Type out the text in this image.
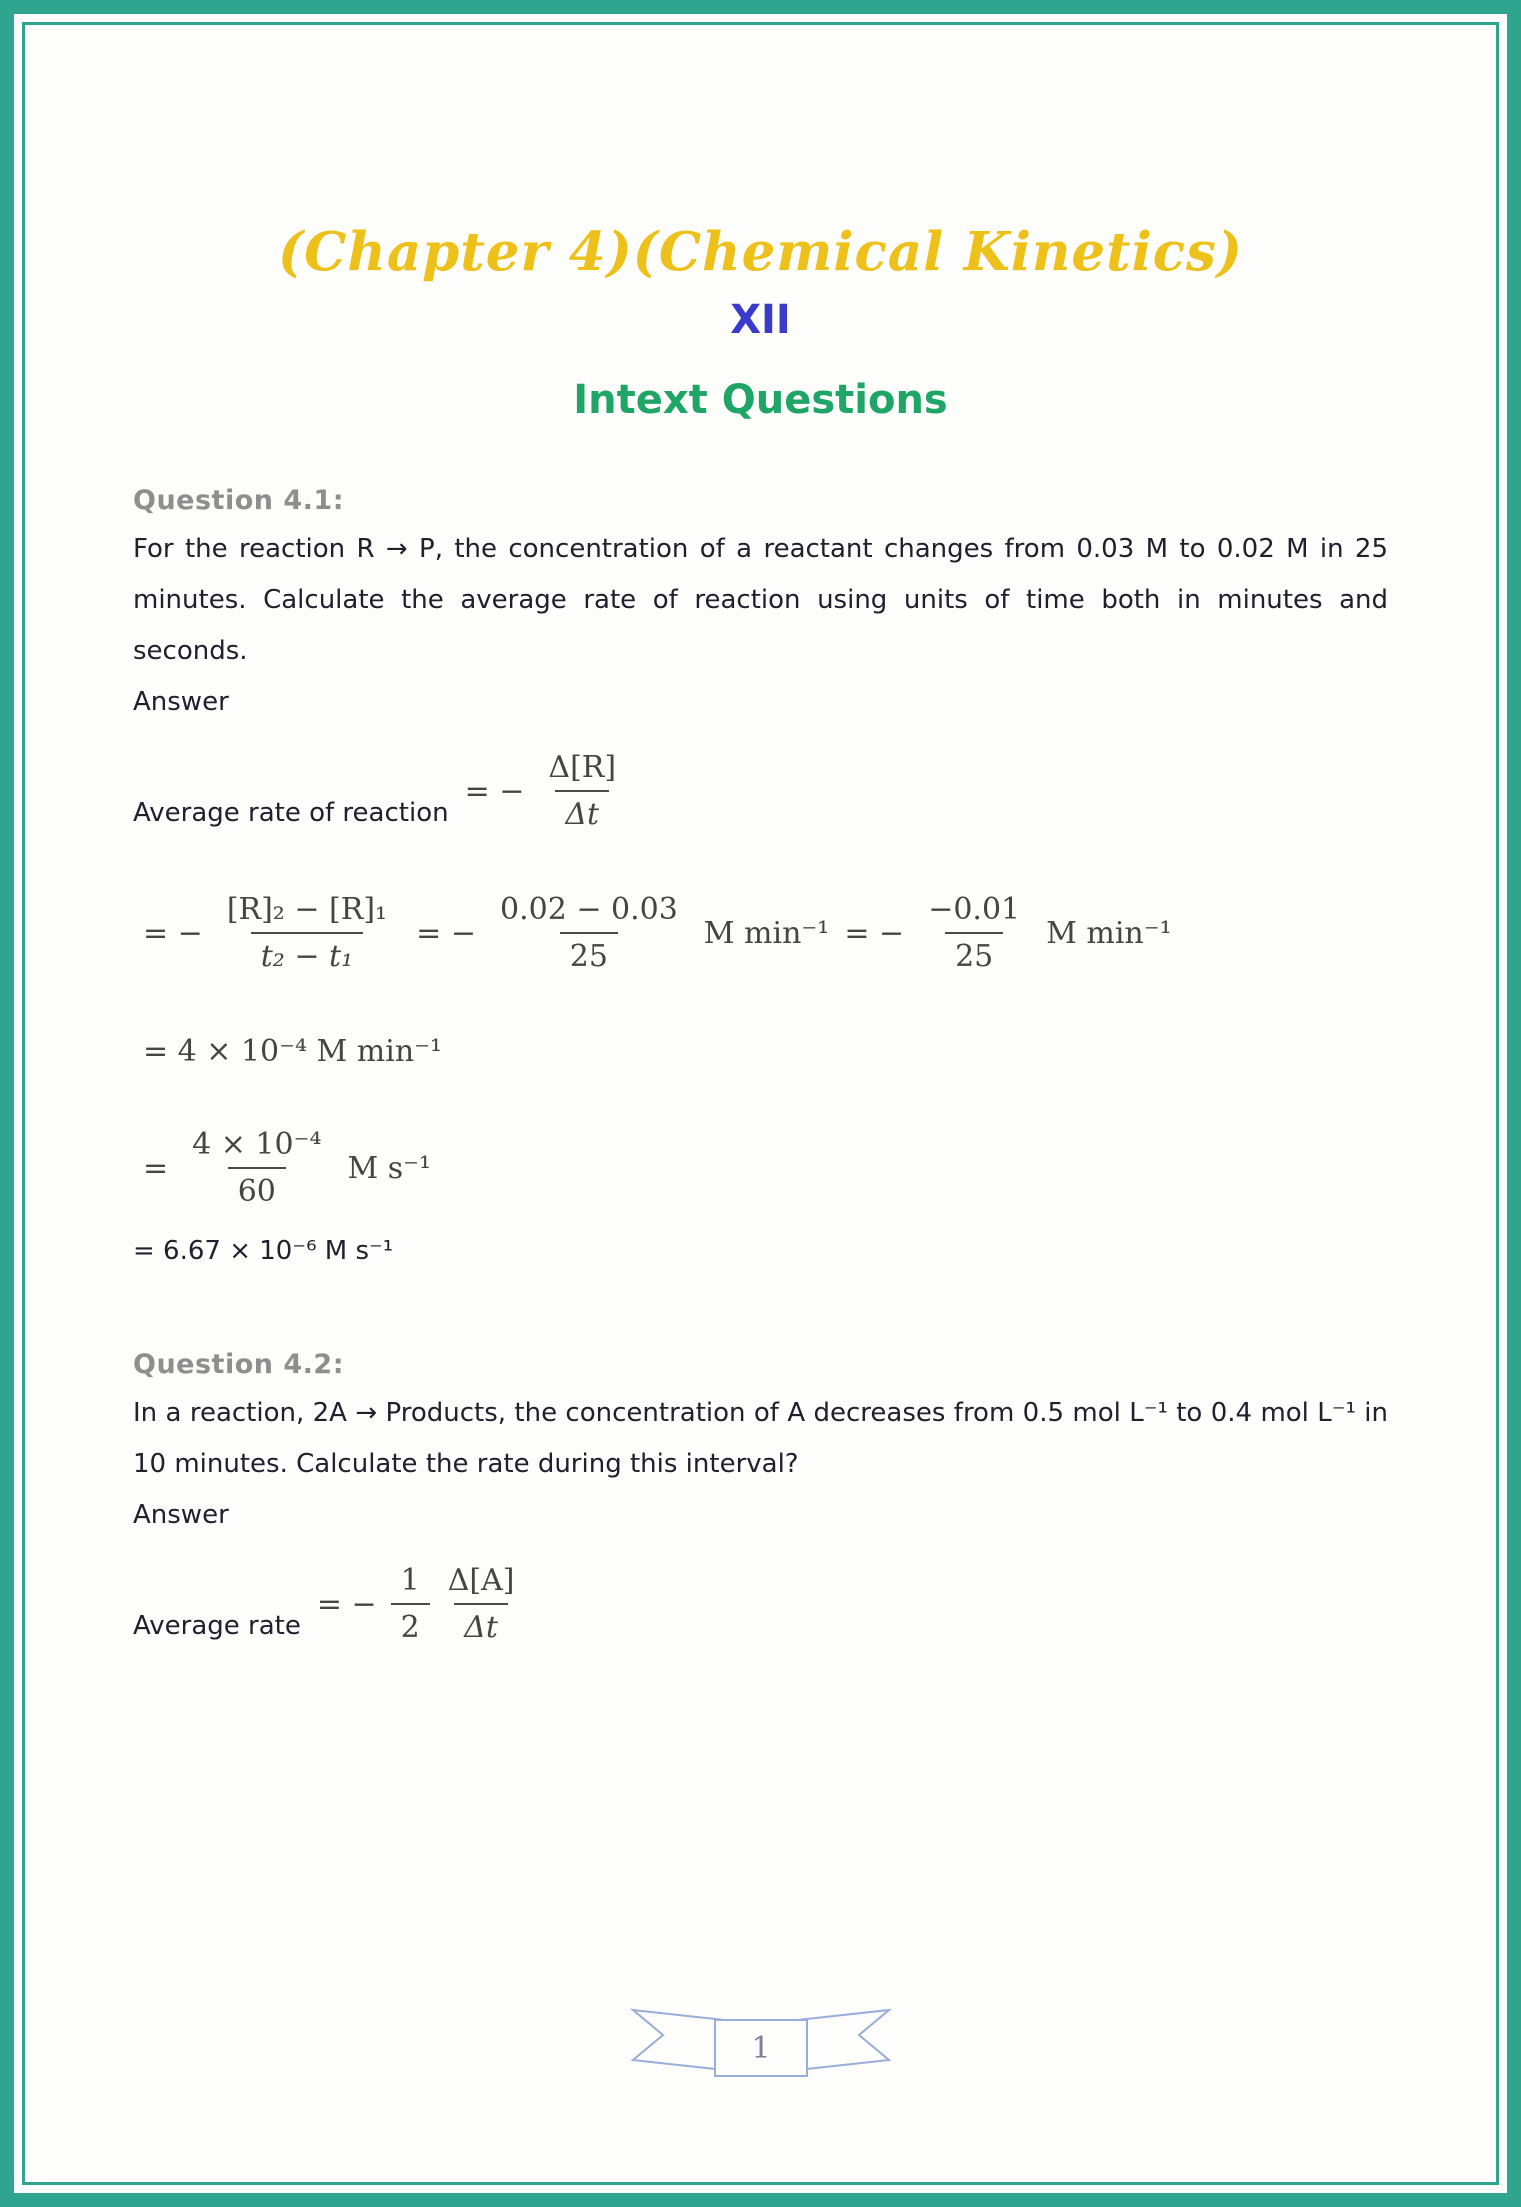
(Chapter 4)(Chemical Kinetics)
XII
Intext Questions
Question 4.1:
For the reaction R → P, the concentration of a reactant changes from 0.03 M to 0.02 M in 25 minutes. Calculate the average rate of reaction using units of time both in minutes and seconds.
Answer
Average rate of reaction
= − $\frac{\Delta[R]}{\Delta t}$
= − $\frac{\text{[R]₂ − [R]₁}}{\text{t₂ − t₁}}$
= − $\frac{0.02 - 0.03}{25}$ M min⁻¹
= − $\frac{-0.01}{25}$ M min⁻¹
= 4 × 10⁻⁴ M min⁻¹
= $\frac{\text{4 × 10⁻⁴}}{60}$ M s⁻¹
= 6.67 × 10⁻⁶ M s⁻¹
Question 4.2:
In a reaction, 2A → Products, the concentration of A decreases from 0.5 mol L⁻¹ to 0.4 mol L⁻¹ in 10 minutes. Calculate the rate during this interval?
Answer
Average rate
= − $\frac{1}{2} \frac{\Delta[A]}{\Delta t}$
1
